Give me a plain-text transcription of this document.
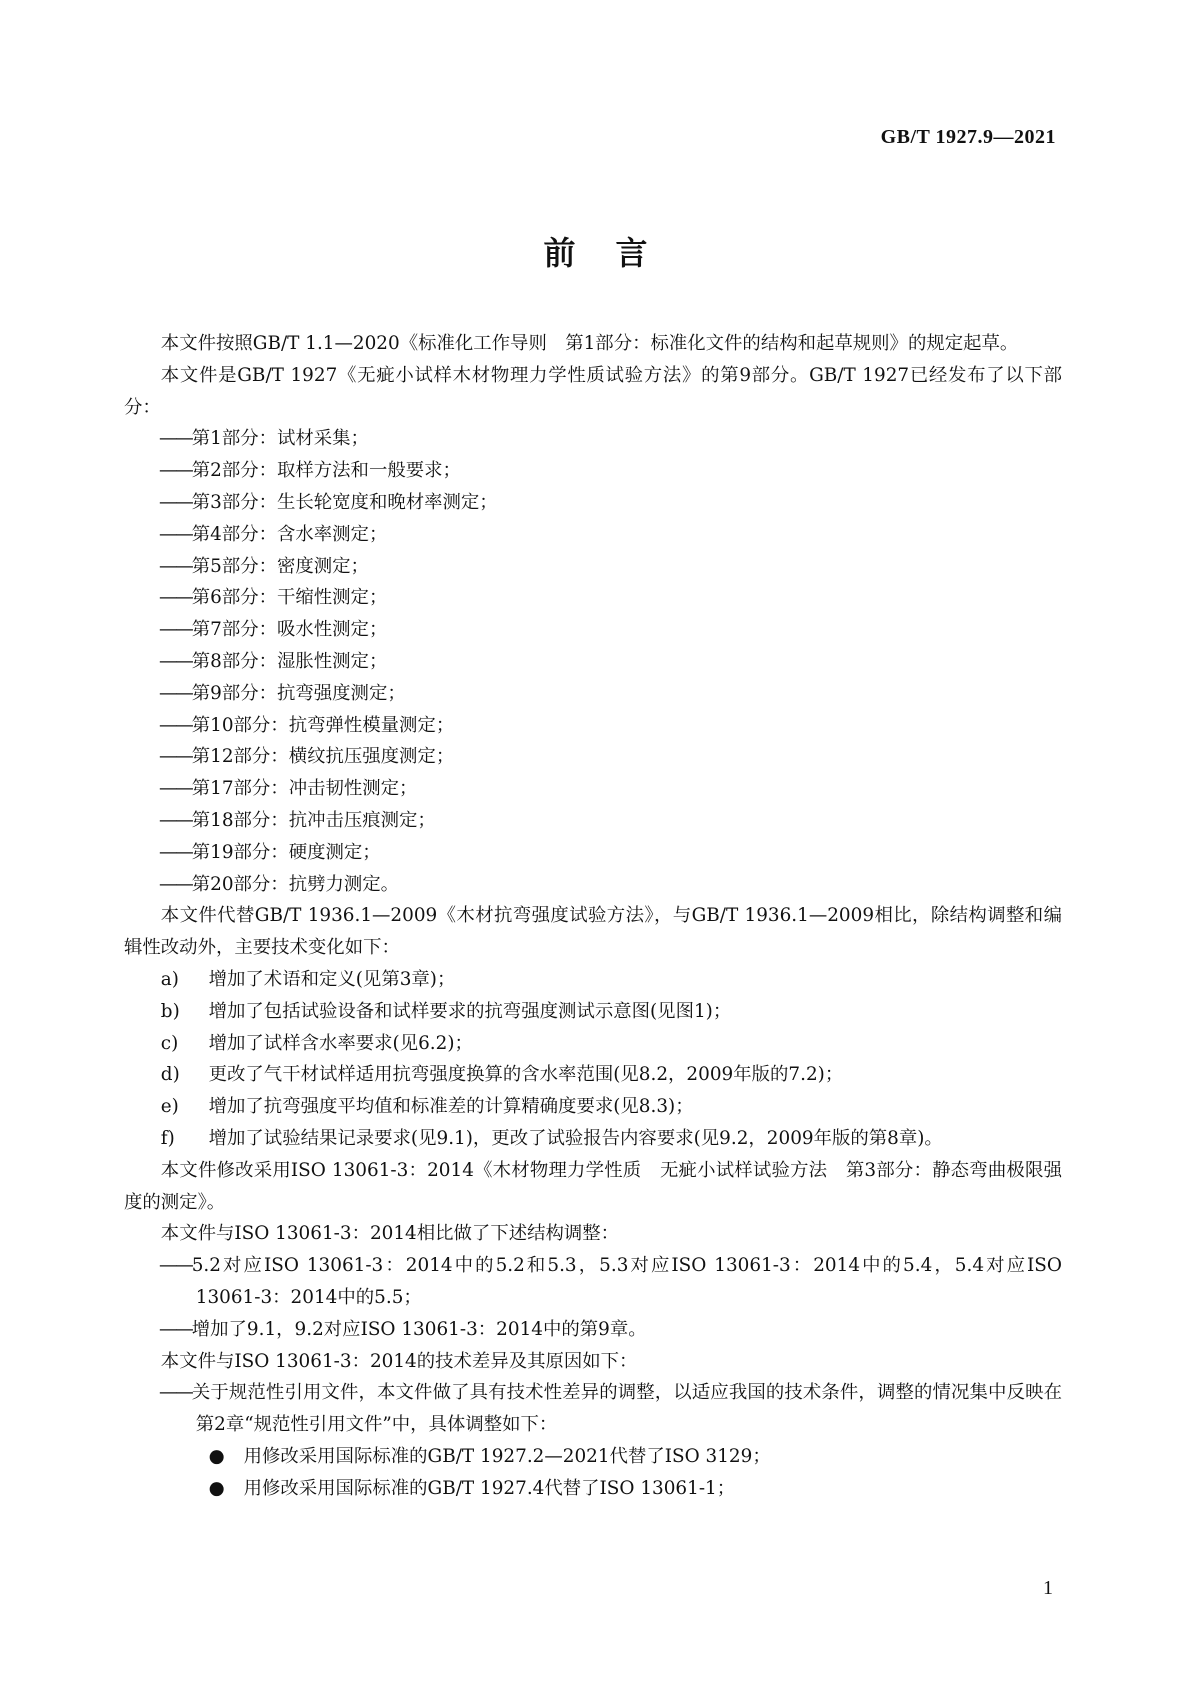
GB/T 1927.9—2021
前言

本文件按照GB/T 1.1—2020《标准化工作导则　第1部分：标准化文件的结构和起草规则》的规定起草。

本文件是GB/T 1927《无疵小试样木材物理力学性质试验方法》的第9部分。GB/T 1927已经发布了以下部分：

——第1部分：试材采集；

——第2部分：取样方法和一般要求；

——第3部分：生长轮宽度和晚材率测定；

——第4部分：含水率测定；

——第5部分：密度测定；

——第6部分：干缩性测定；

——第7部分：吸水性测定；

——第8部分：湿胀性测定；

——第9部分：抗弯强度测定；

——第10部分：抗弯弹性模量测定；

——第12部分：横纹抗压强度测定；

——第17部分：冲击韧性测定；

——第18部分：抗冲击压痕测定；

——第19部分：硬度测定；

——第20部分：抗劈力测定。

本文件代替GB/T 1936.1—2009《木材抗弯强度试验方法》，与GB/T 1936.1—2009相比，除结构调整和编辑性改动外，主要技术变化如下：

a) 增加了术语和定义(见第3章)；

b) 增加了包括试验设备和试样要求的抗弯强度测试示意图(见图1)；

c) 增加了试样含水率要求(见6.2)；

d) 更改了气干材试样适用抗弯强度换算的含水率范围(见8.2，2009年版的7.2)；

e) 增加了抗弯强度平均值和标准差的计算精确度要求(见8.3)；

f) 增加了试验结果记录要求(见9.1)，更改了试验报告内容要求(见9.2，2009年版的第8章)。

本文件修改采用ISO 13061-3：2014《木材物理力学性质　无疵小试样试验方法　第3部分：静态弯曲极限强度的测定》。

本文件与ISO 13061-3：2014相比做了下述结构调整：

——5.2对应ISO 13061-3：2014中的5.2和5.3，5.3对应ISO 13061-3：2014中的5.4，5.4对应ISO 13061-3：2014中的5.5；

——增加了9.1，9.2对应ISO 13061-3：2014中的第9章。

本文件与ISO 13061-3：2014的技术差异及其原因如下：

——关于规范性引用文件，本文件做了具有技术性差异的调整，以适应我国的技术条件，调整的情况集中反映在第2章“规范性引用文件”中，具体调整如下：

● 用修改采用国际标准的GB/T 1927.2—2021代替了ISO 3129；

● 用修改采用国际标准的GB/T 1927.4代替了ISO 13061-1；

1
